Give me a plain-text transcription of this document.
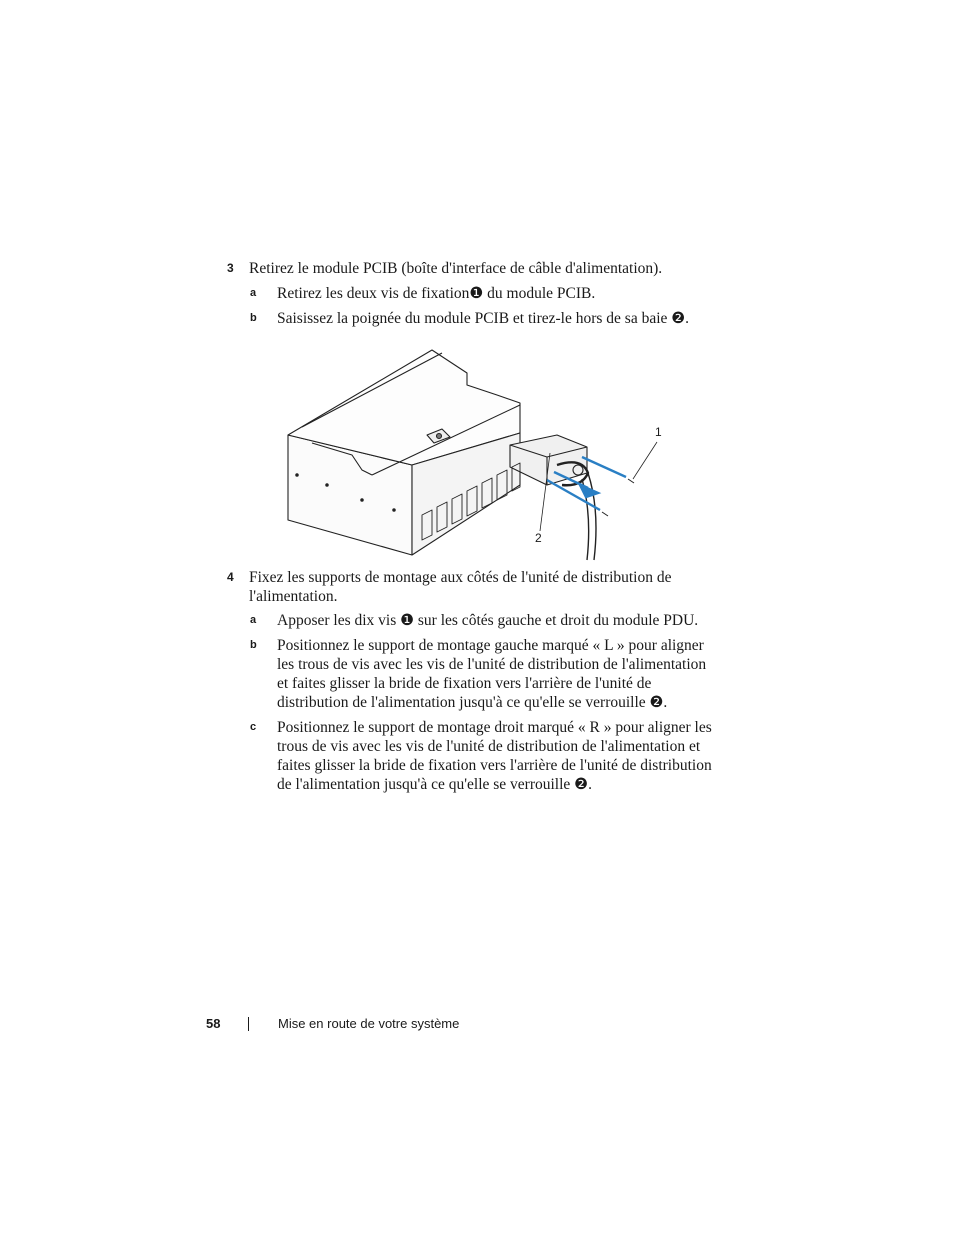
3 Retirez le module PCIB (boîte d'interface de câble d'alimentation).
a Retirez les deux vis de fixation❶ du module PCIB.
b Saisissez la poignée du module PCIB et tirez-le hors de sa baie ❷.
1
2
4 Fixez les supports de montage aux côtés de l'unité de distribution de l'alimentation.
a Apposer les dix vis ❶ sur les côtés gauche et droit du module PDU.
b Positionnez le support de montage gauche marqué « L » pour aligner les trous de vis avec les vis de l'unité de distribution de l'alimentation et faites glisser la bride de fixation vers l'arrière de l'unité de distribution de l'alimentation jusqu'à ce qu'elle se verrouille ❷.
c Positionnez le support de montage droit marqué « R » pour aligner les trous de vis avec les vis de l'unité de distribution de l'alimentation et faites glisser la bride de fixation vers l'arrière de l'unité de distribution de l'alimentation jusqu'à ce qu'elle se verrouille ❷.
58	Mise en route de votre système
